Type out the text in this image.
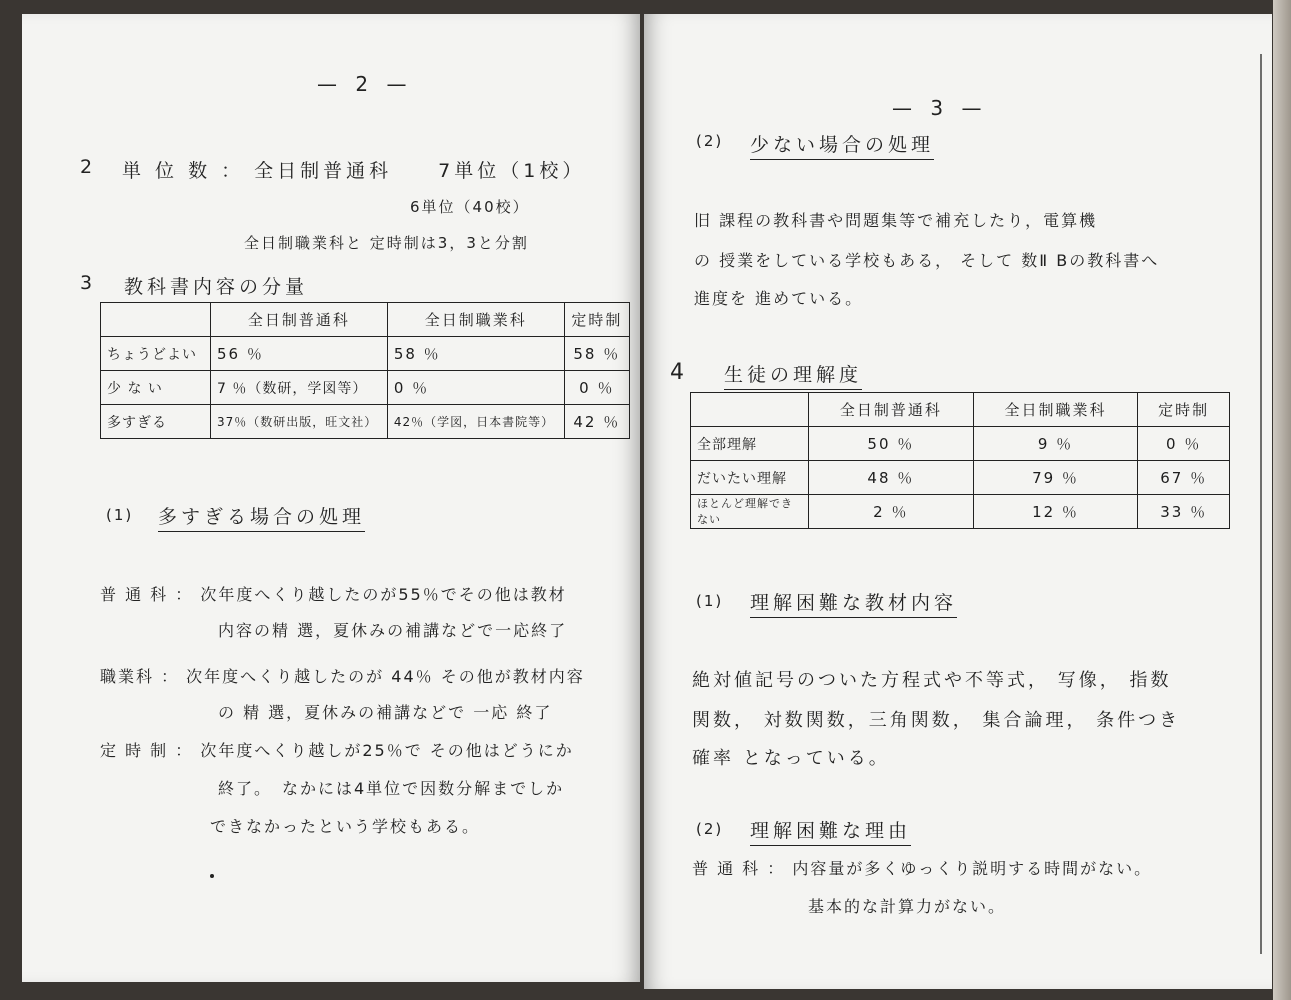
— 2 —
2 単 位 数 ： 全日制普通科　　7単位（1校）
6単位（40校）
全日制職業科と 定時制は3，3と分割
3 教科書内容の分量
	全日制普通科	全日制職業科	定時制
ちょうどよい	56 ％	58 ％	58 ％
少 な い	7 ％（数研，学図等）	0 ％	0 ％
多すぎる	37％（数研出版，旺文社）	42％（学図，日本書院等）	42 ％
(1) 多すぎる場合の処理
普 通 科 ： 次年度へくり越したのが55％でその他は教材
内容の精 選，夏休みの補講などで一応終了
職業科 ： 次年度へくり越したのが 44％ その他が教材内容
の 精 選，夏休みの補講などで 一応 終了
定 時 制 ： 次年度へくり越しが25％で その他はどうにか
終了。　なかには4単位で因数分解までしか
できなかったという学校もある。
— 3 —
(2) 少ない場合の処理
旧 課程の教科書や問題集等で補充したり，電算機
の 授業をしている学校もある， そして 数Ⅱ Bの教科書へ
進度を 進めている。
4 生徒の理解度
	全日制普通科	全日制職業科	定時制
全部理解	50 ％	9 ％	0 ％
だいたい理解	48 ％	79 ％	67 ％
ほとんど理解できない	2 ％	12 ％	33 ％
(1) 理解困難な教材内容
絶対値記号のついた方程式や不等式， 写像， 指数
関数， 対数関数，三角関数， 集合論理， 条件つき
確率 となっている。
(2) 理解困難な理由
普 通 科 ： 内容量が多くゆっくり説明する時間がない。
基本的な計算力がない。
